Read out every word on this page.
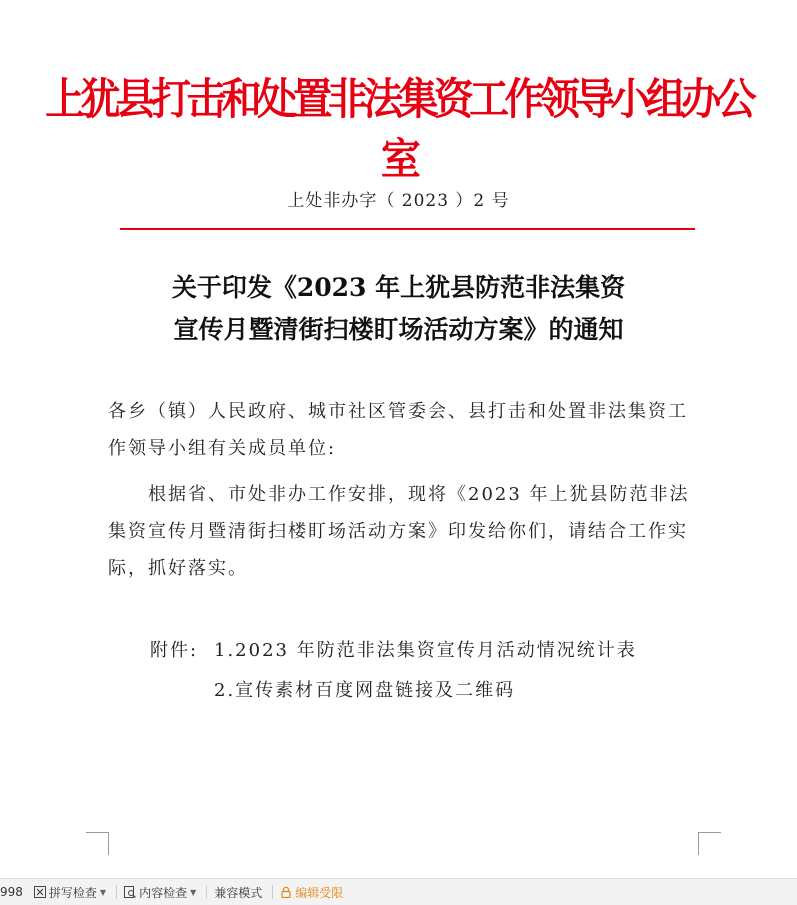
上犹县打击和处置非法集资工作领导小组办公室
上处非办字（ 2023 ）2 号
关于印发《2023 年上犹县防范非法集资
宣传月暨清街扫楼盯场活动方案》的通知
各乡（镇）人民政府、城市社区管委会、县打击和处置非法集资工作领导小组有关成员单位:
根据省、市处非办工作安排，现将《2023 年上犹县防范非法集资宣传月暨清街扫楼盯场活动方案》印发给你们，请结合工作实际，抓好落实。
附件: 1.2023 年防范非法集资宣传月活动情况统计表
2.宣传素材百度网盘链接及二维码
998	拼写检查 ▼	内容检查 ▼ 兼容模式	编辑受限
